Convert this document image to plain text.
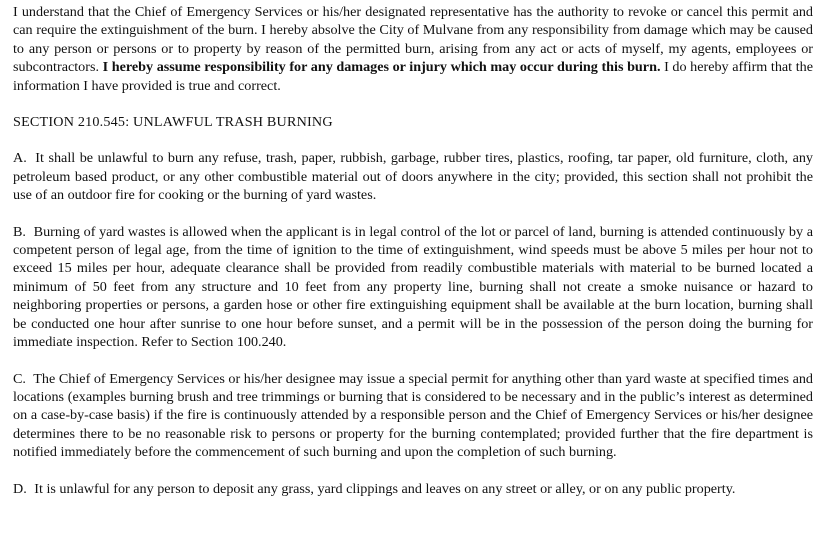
I understand that the Chief of Emergency Services or his/her designated representative has the authority to revoke or cancel this permit and can require the extinguishment of the burn. I hereby absolve the City of Mulvane from any responsibility from damage which may be caused to any person or persons or to property by reason of the permitted burn, arising from any act or acts of myself, my agents, employees or subcontractors. I hereby assume responsibility for any damages or injury which may occur during this burn. I do hereby affirm that the information I have provided is true and correct.

SECTION 210.545: UNLAWFUL TRASH BURNING

A. It shall be unlawful to burn any refuse, trash, paper, rubbish, garbage, rubber tires, plastics, roofing, tar paper, old furniture, cloth, any petroleum based product, or any other combustible material out of doors anywhere in the city; provided, this section shall not prohibit the use of an outdoor fire for cooking or the burning of yard wastes.

B. Burning of yard wastes is allowed when the applicant is in legal control of the lot or parcel of land, burning is attended continuously by a competent person of legal age, from the time of ignition to the time of extinguishment, wind speeds must be above 5 miles per hour not to exceed 15 miles per hour, adequate clearance shall be provided from readily combustible materials with material to be burned located a minimum of 50 feet from any structure and 10 feet from any property line, burning shall not create a smoke nuisance or hazard to neighboring properties or persons, a garden hose or other fire extinguishing equipment shall be available at the burn location, burning shall be conducted one hour after sunrise to one hour before sunset, and a permit will be in the possession of the person doing the burning for immediate inspection. Refer to Section 100.240.

C. The Chief of Emergency Services or his/her designee may issue a special permit for anything other than yard waste at specified times and locations (examples burning brush and tree trimmings or burning that is considered to be necessary and in the public’s interest as determined on a case-by-case basis) if the fire is continuously attended by a responsible person and the Chief of Emergency Services or his/her designee determines there to be no reasonable risk to persons or property for the burning contemplated; provided further that the fire department is notified immediately before the commencement of such burning and upon the completion of such burning.

D. It is unlawful for any person to deposit any grass, yard clippings and leaves on any street or alley, or on any public property.
